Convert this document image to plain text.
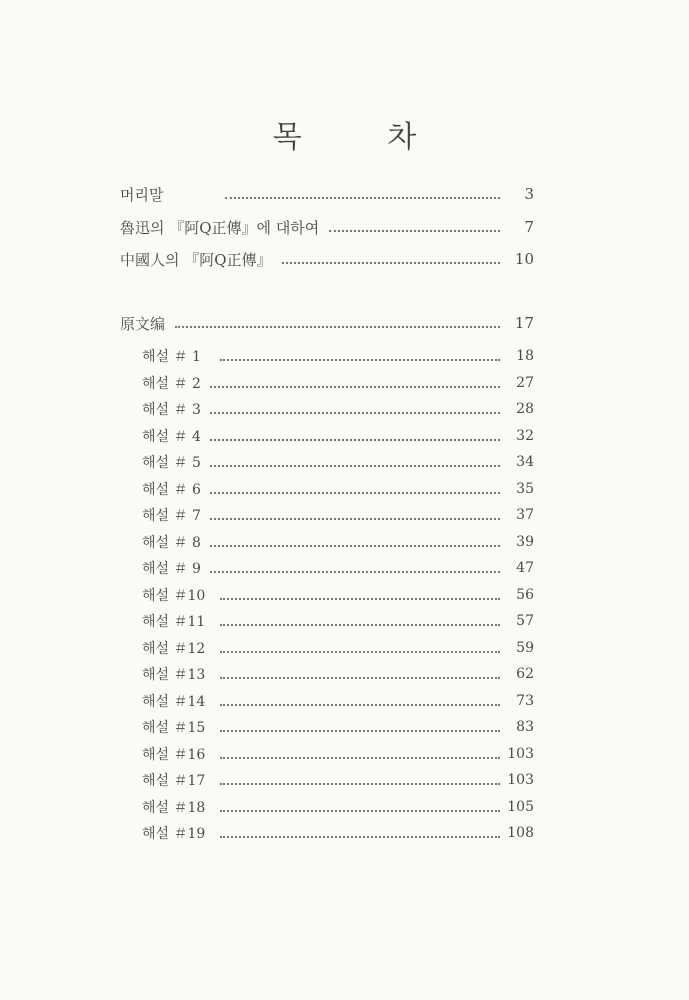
목 차
머리말	3
魯迅의 『阿Q正傳』에 대하여	7
中國人의 『阿Q正傳』	10
原文编	17
해설 ＃ 1	18
해설 ＃ 2	27
해설 ＃ 3	28
해설 ＃ 4	32
해설 ＃ 5	34
해설 ＃ 6	35
해설 ＃ 7	37
해설 ＃ 8	39
해설 ＃ 9	47
해설 ＃10	56
해설 ＃11	57
해설 ＃12	59
해설 ＃13	62
해설 ＃14	73
해설 ＃15	83
해설 ＃16	103
해설 ＃17	103
해설 ＃18	105
해설 ＃19	108
